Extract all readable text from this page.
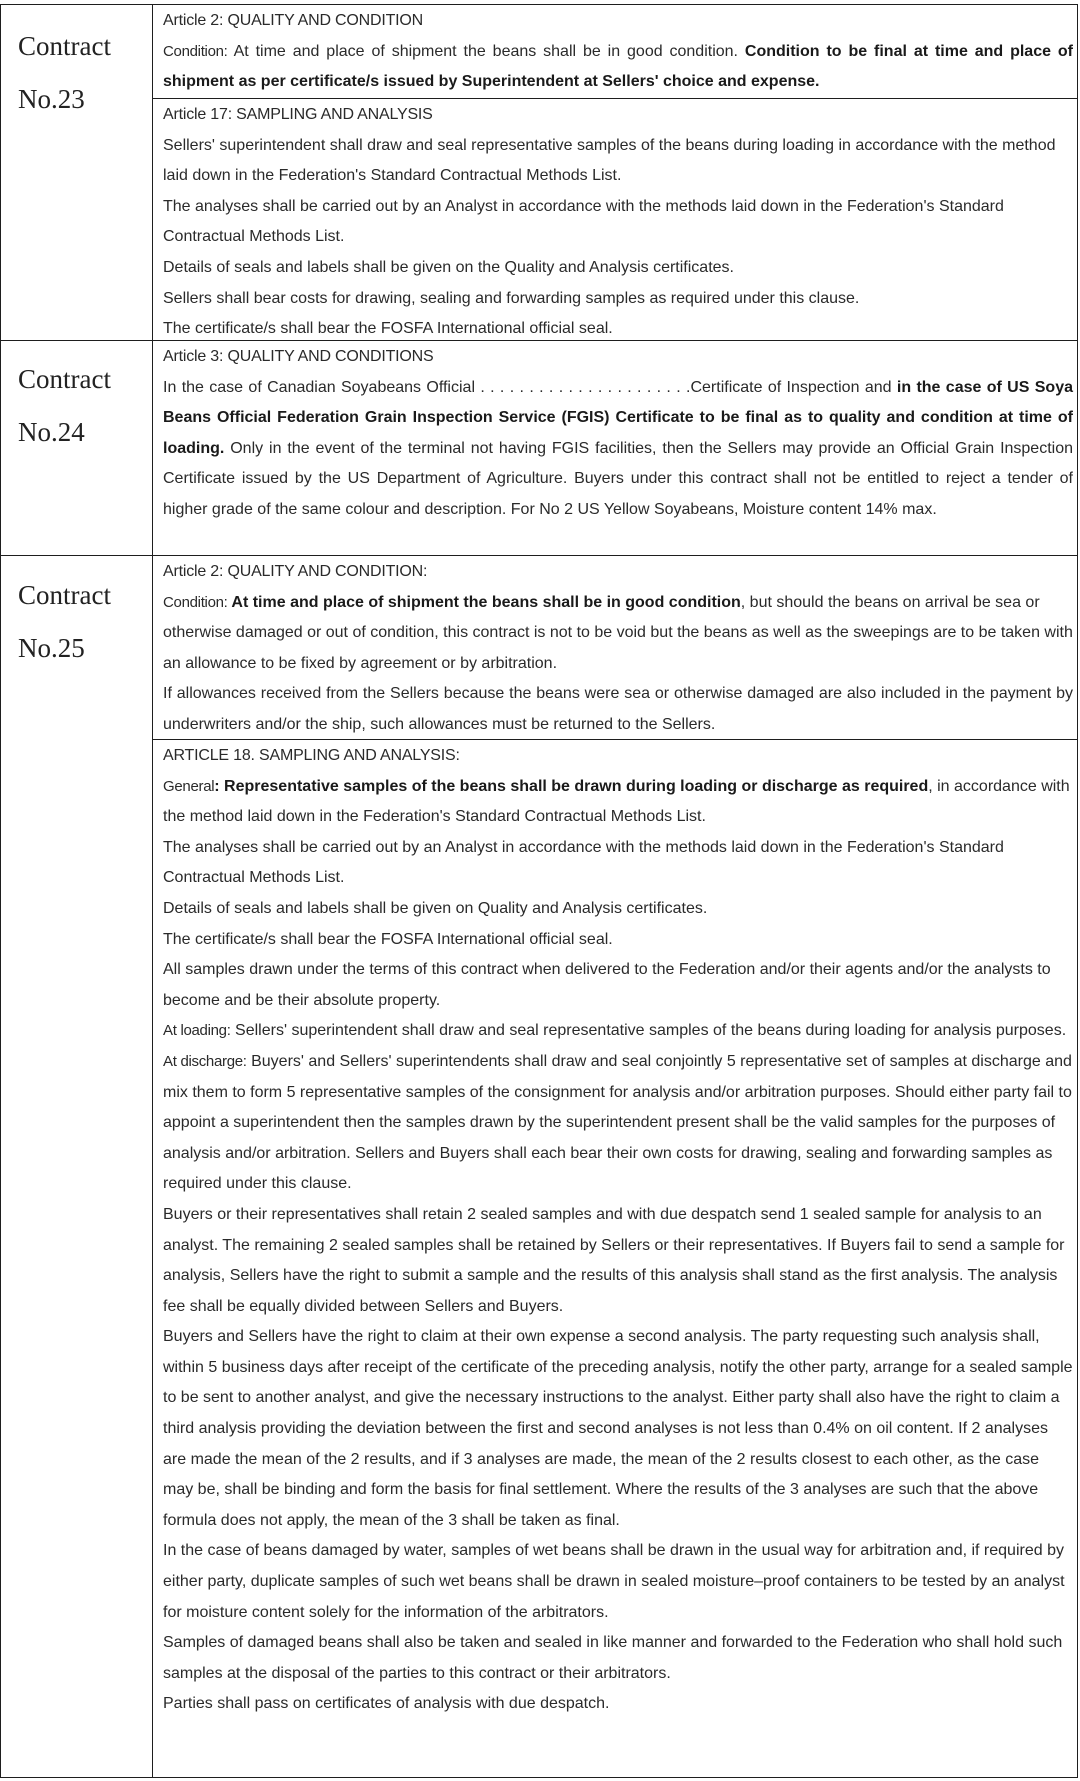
Contract
No.23

Article 2: QUALITY AND CONDITION

Condition: At time and place of shipment the beans shall be in good condition. Condition to be final at time and place of shipment as per certificate/s issued by Superintendent at Sellers' choice and expense.

Article 17: SAMPLING AND ANALYSIS

Sellers' superintendent shall draw and seal representative samples of the beans during loading in accordance with the method laid down in the Federation's Standard Contractual Methods List.

The analyses shall be carried out by an Analyst in accordance with the methods laid down in the Federation's Standard Contractual Methods List.

Details of seals and labels shall be given on the Quality and Analysis certificates.

Sellers shall bear costs for drawing, sealing and forwarding samples as required under this clause.

The certificate/s shall bear the FOSFA International official seal.

Contract
No.24

Article 3: QUALITY AND CONDITIONS

In the case of Canadian Soyabeans Official . . . . . . . . . . . . . . . . . . . . . .Certificate of Inspection and in the case of US Soya Beans Official Federation Grain Inspection Service (FGIS) Certificate to be final as to quality and condition at time of loading. Only in the event of the terminal not having FGIS facilities, then the Sellers may provide an Official Grain Inspection Certificate issued by the US Department of Agriculture. Buyers under this contract shall not be entitled to reject a tender of higher grade of the same colour and description. For No 2 US Yellow Soyabeans, Moisture content 14% max.

Contract
No.25

Article 2: QUALITY AND CONDITION:

Condition: At time and place of shipment the beans shall be in good condition, but should the beans on arrival be sea or otherwise damaged or out of condition, this contract is not to be void but the beans as well as the sweepings are to be taken with an allowance to be fixed by agreement or by arbitration.

If allowances received from the Sellers because the beans were sea or otherwise damaged are also included in the payment by underwriters and/or the ship, such allowances must be returned to the Sellers.

ARTICLE 18. SAMPLING AND ANALYSIS:

General: Representative samples of the beans shall be drawn during loading or discharge as required, in accordance with the method laid down in the Federation's Standard Contractual Methods List.

The analyses shall be carried out by an Analyst in accordance with the methods laid down in the Federation's Standard Contractual Methods List.

Details of seals and labels shall be given on Quality and Analysis certificates.

The certificate/s shall bear the FOSFA International official seal.

All samples drawn under the terms of this contract when delivered to the Federation and/or their agents and/or the analysts to become and be their absolute property.

At loading: Sellers' superintendent shall draw and seal representative samples of the beans during loading for analysis purposes.

At discharge: Buyers' and Sellers' superintendents shall draw and seal conjointly 5 representative set of samples at discharge and mix them to form 5 representative samples of the consignment for analysis and/or arbitration purposes. Should either party fail to appoint a superintendent then the samples drawn by the superintendent present shall be the valid samples for the purposes of analysis and/or arbitration. Sellers and Buyers shall each bear their own costs for drawing, sealing and forwarding samples as required under this clause.

Buyers or their representatives shall retain 2 sealed samples and with due despatch send 1 sealed sample for analysis to an analyst. The remaining 2 sealed samples shall be retained by Sellers or their representatives. If Buyers fail to send a sample for analysis, Sellers have the right to submit a sample and the results of this analysis shall stand as the first analysis. The analysis fee shall be equally divided between Sellers and Buyers.

Buyers and Sellers have the right to claim at their own expense a second analysis. The party requesting such analysis shall, within 5 business days after receipt of the certificate of the preceding analysis, notify the other party, arrange for a sealed sample to be sent to another analyst, and give the necessary instructions to the analyst. Either party shall also have the right to claim a third analysis providing the deviation between the first and second analyses is not less than 0.4% on oil content. If 2 analyses are made the mean of the 2 results, and if 3 analyses are made, the mean of the 2 results closest to each other, as the case may be, shall be binding and form the basis for final settlement. Where the results of the 3 analyses are such that the above formula does not apply, the mean of the 3 shall be taken as final.

In the case of beans damaged by water, samples of wet beans shall be drawn in the usual way for arbitration and, if required by either party, duplicate samples of such wet beans shall be drawn in sealed moisture–proof containers to be tested by an analyst for moisture content solely for the information of the arbitrators.

Samples of damaged beans shall also be taken and sealed in like manner and forwarded to the Federation who shall hold such samples at the disposal of the parties to this contract or their arbitrators.

Parties shall pass on certificates of analysis with due despatch.
